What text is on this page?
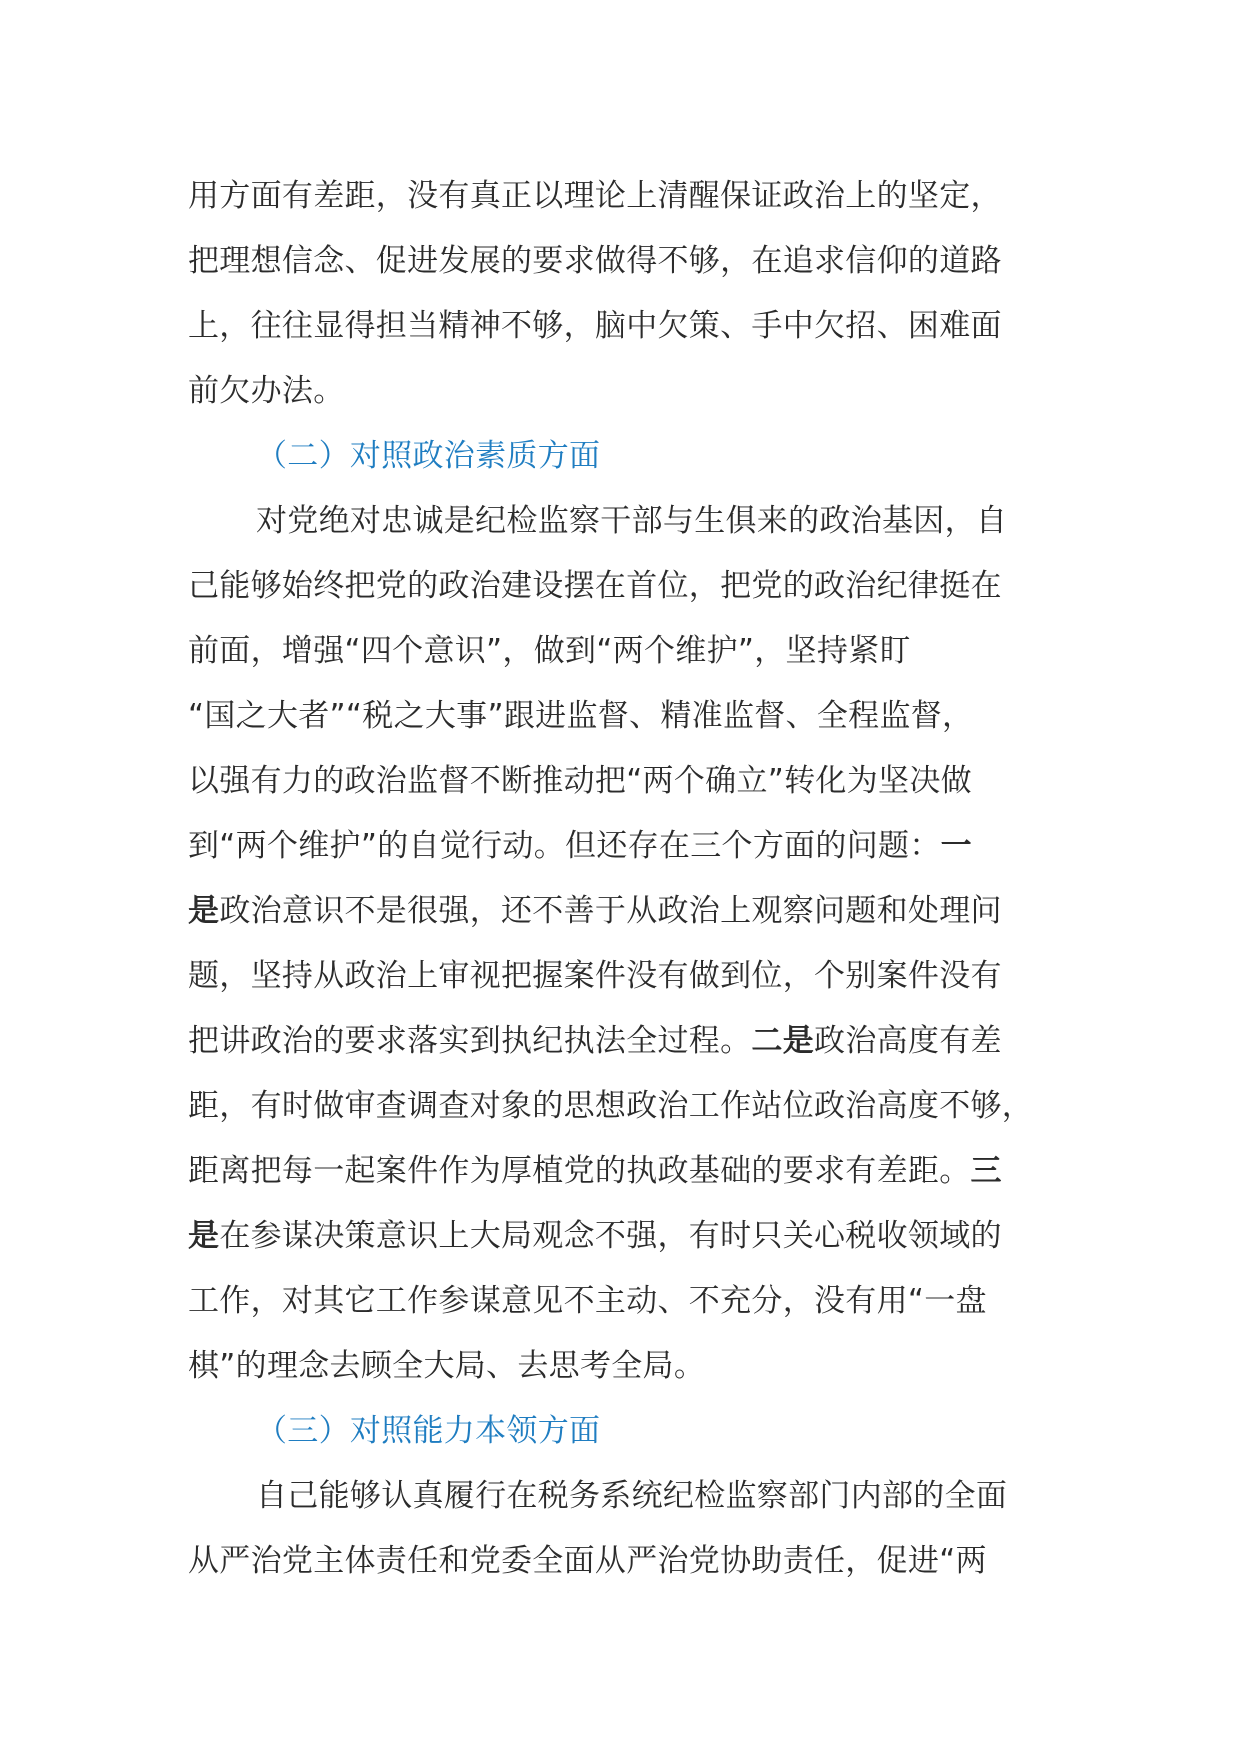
用方面有差距，没有真正以理论上清醒保证政治上的坚定，
把理想信念、促进发展的要求做得不够，在追求信仰的道路
上，往往显得担当精神不够，脑中欠策、手中欠招、困难面
前欠办法。
（二）对照政治素质方面
对党绝对忠诚是纪检监察干部与生俱来的政治基因，自
己能够始终把党的政治建设摆在首位，把党的政治纪律挺在
前面，增强“四个意识”，做到“两个维护”，坚持紧盯
“国之大者”“税之大事”跟进监督、精准监督、全程监督，
以强有力的政治监督不断推动把“两个确立”转化为坚决做
到“两个维护”的自觉行动。但还存在三个方面的问题：一
是政治意识不是很强，还不善于从政治上观察问题和处理问
题，坚持从政治上审视把握案件没有做到位，个别案件没有
把讲政治的要求落实到执纪执法全过程。二是政治高度有差
距，有时做审查调查对象的思想政治工作站位政治高度不够，
距离把每一起案件作为厚植党的执政基础的要求有差距。三
是在参谋决策意识上大局观念不强，有时只关心税收领域的
工作，对其它工作参谋意见不主动、不充分，没有用“一盘
棋”的理念去顾全大局、去思考全局。
（三）对照能力本领方面
自己能够认真履行在税务系统纪检监察部门内部的全面
从严治党主体责任和党委全面从严治党协助责任，促进“两
